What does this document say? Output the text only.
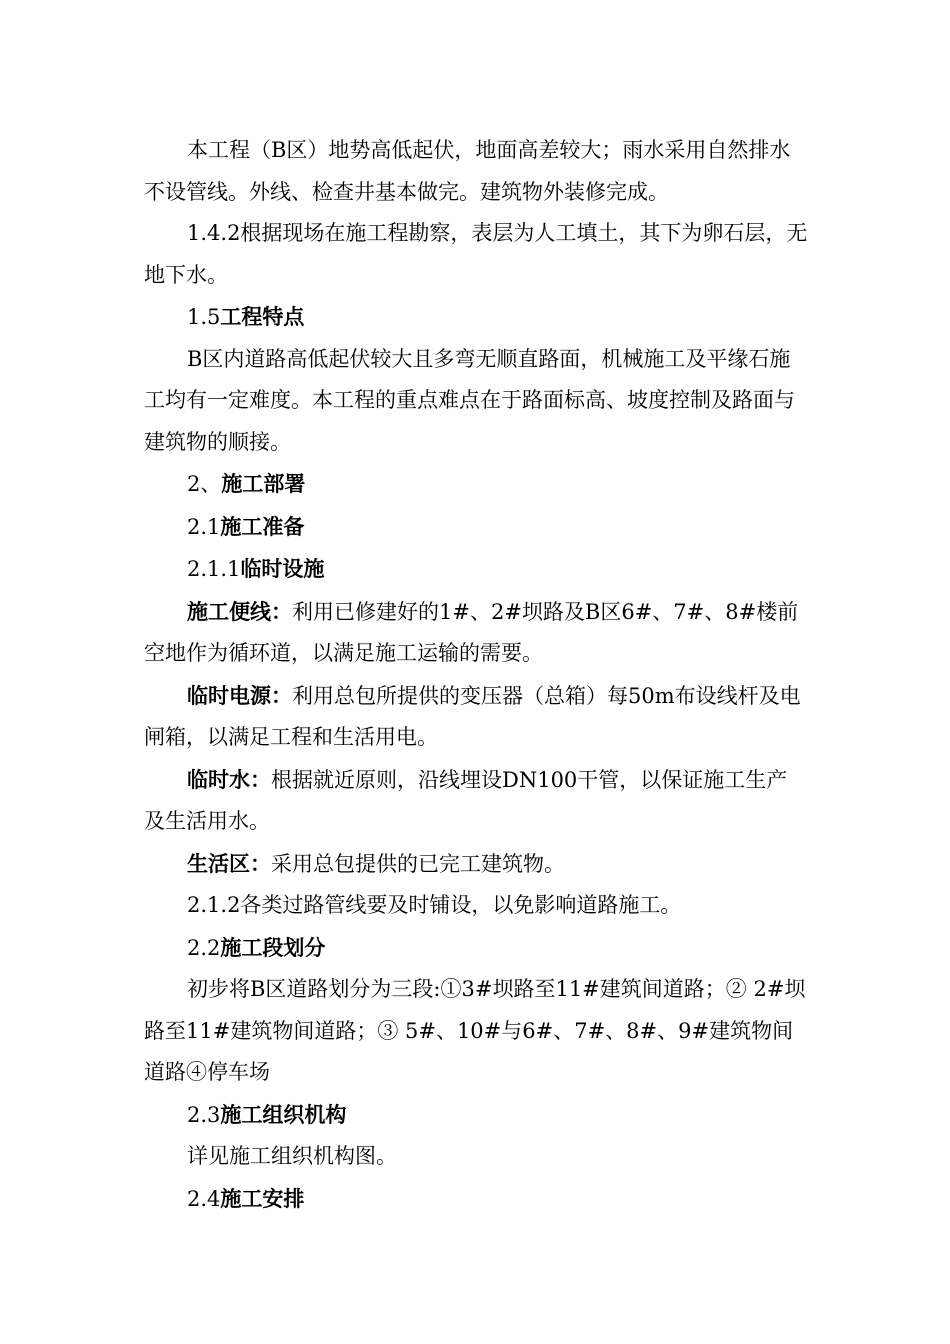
本工程（B区）地势高低起伏，地面高差较大；雨水采用自然排水不设管线。外线、检查井基本做完。建筑物外装修完成。

1.4.2根据现场在施工程勘察，表层为人工填土，其下为卵石层，无地下水。

1.5工程特点

B区内道路高低起伏较大且多弯无顺直路面，机械施工及平缘石施工均有一定难度。本工程的重点难点在于路面标高、坡度控制及路面与建筑物的顺接。

2、施工部署

2.1施工准备

2.1.1临时设施

施工便线：利用已修建好的1#、2#坝路及B区6#、7#、8#楼前空地作为循环道，以满足施工运输的需要。

临时电源：利用总包所提供的变压器（总箱）每50m布设线杆及电闸箱，以满足工程和生活用电。

临时水：根据就近原则，沿线埋设DN100干管，以保证施工生产及生活用水。

生活区：采用总包提供的已完工建筑物。

2.1.2各类过路管线要及时铺设，以免影响道路施工。

2.2施工段划分

初步将B区道路划分为三段:①3#坝路至11#建筑间道路；② 2#坝路至11#建筑物间道路；③ 5#、10#与6#、7#、8#、9#建筑物间道路④停车场

2.3施工组织机构

详见施工组织机构图。

2.4施工安排
